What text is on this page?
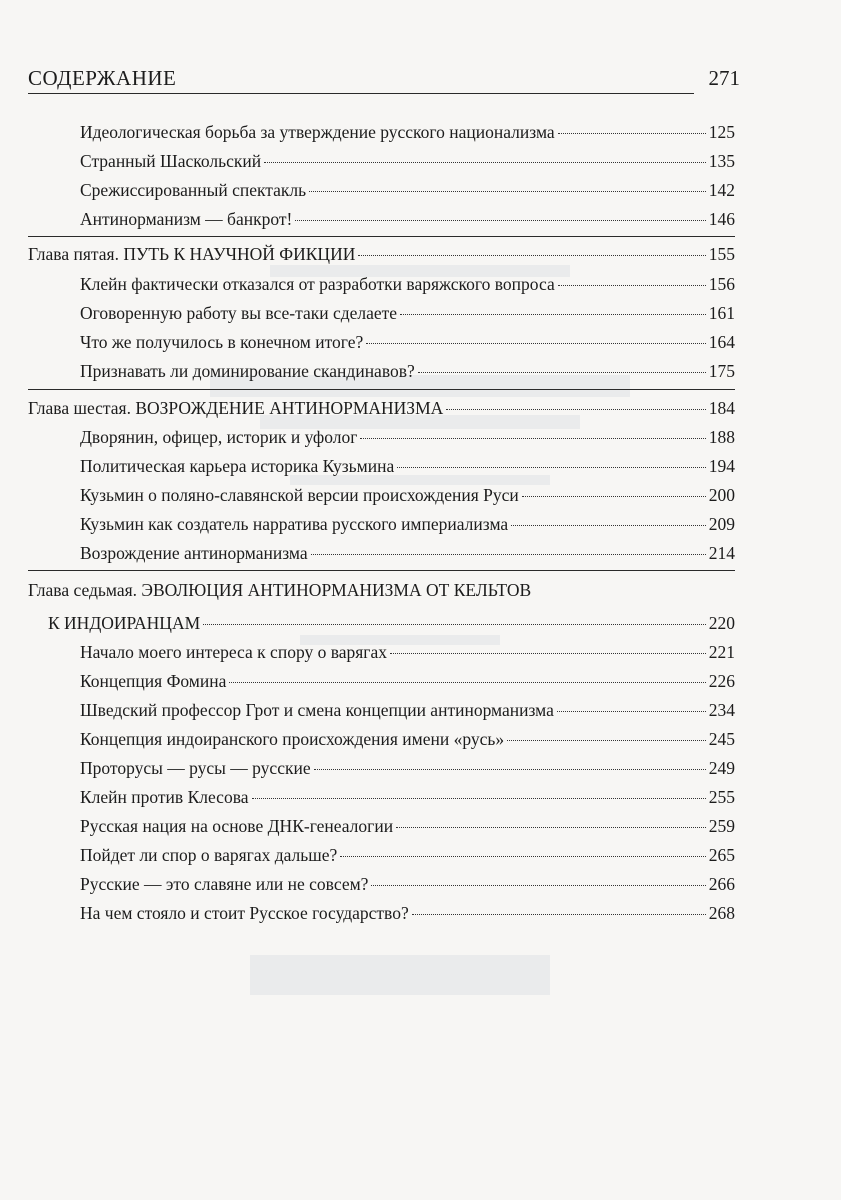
СОДЕРЖАНИЕ	271
Идеологическая борьба за утверждение русского национализма	125
Странный Шаскольский	135
Срежиссированный спектакль	142
Антинорманизм — банкрот!	146
Глава пятая. ПУТЬ К НАУЧНОЙ ФИКЦИИ	155
Клейн фактически отказался от разработки варяжского вопроса	156
Оговоренную работу вы все-таки сделаете	161
Что же получилось в конечном итоге?	164
Признавать ли доминирование скандинавов?	175
Глава шестая. ВОЗРОЖДЕНИЕ АНТИНОРМАНИЗМА	184
Дворянин, офицер, историк и уфолог	188
Политическая карьера историка Кузьмина	194
Кузьмин о поляно-славянской версии происхождения Руси	200
Кузьмин как создатель нарратива русского империализма	209
Возрождение антинорманизма	214
Глава седьмая. ЭВОЛЮЦИЯ АНТИНОРМАНИЗМА ОТ КЕЛЬТОВ
К ИНДОИРАНЦАМ	220
Начало моего интереса к спору о варягах	221
Концепция Фомина	226
Шведский профессор Грот и смена концепции антинорманизма	234
Концепция индоиранского происхождения имени «русь»	245
Проторусы — русы — русские	249
Клейн против Клесова	255
Русская нация на основе ДНК-генеалогии	259
Пойдет ли спор о варягах дальше?	265
Русские — это славяне или не совсем?	266
На чем стояло и стоит Русское государство?	268
